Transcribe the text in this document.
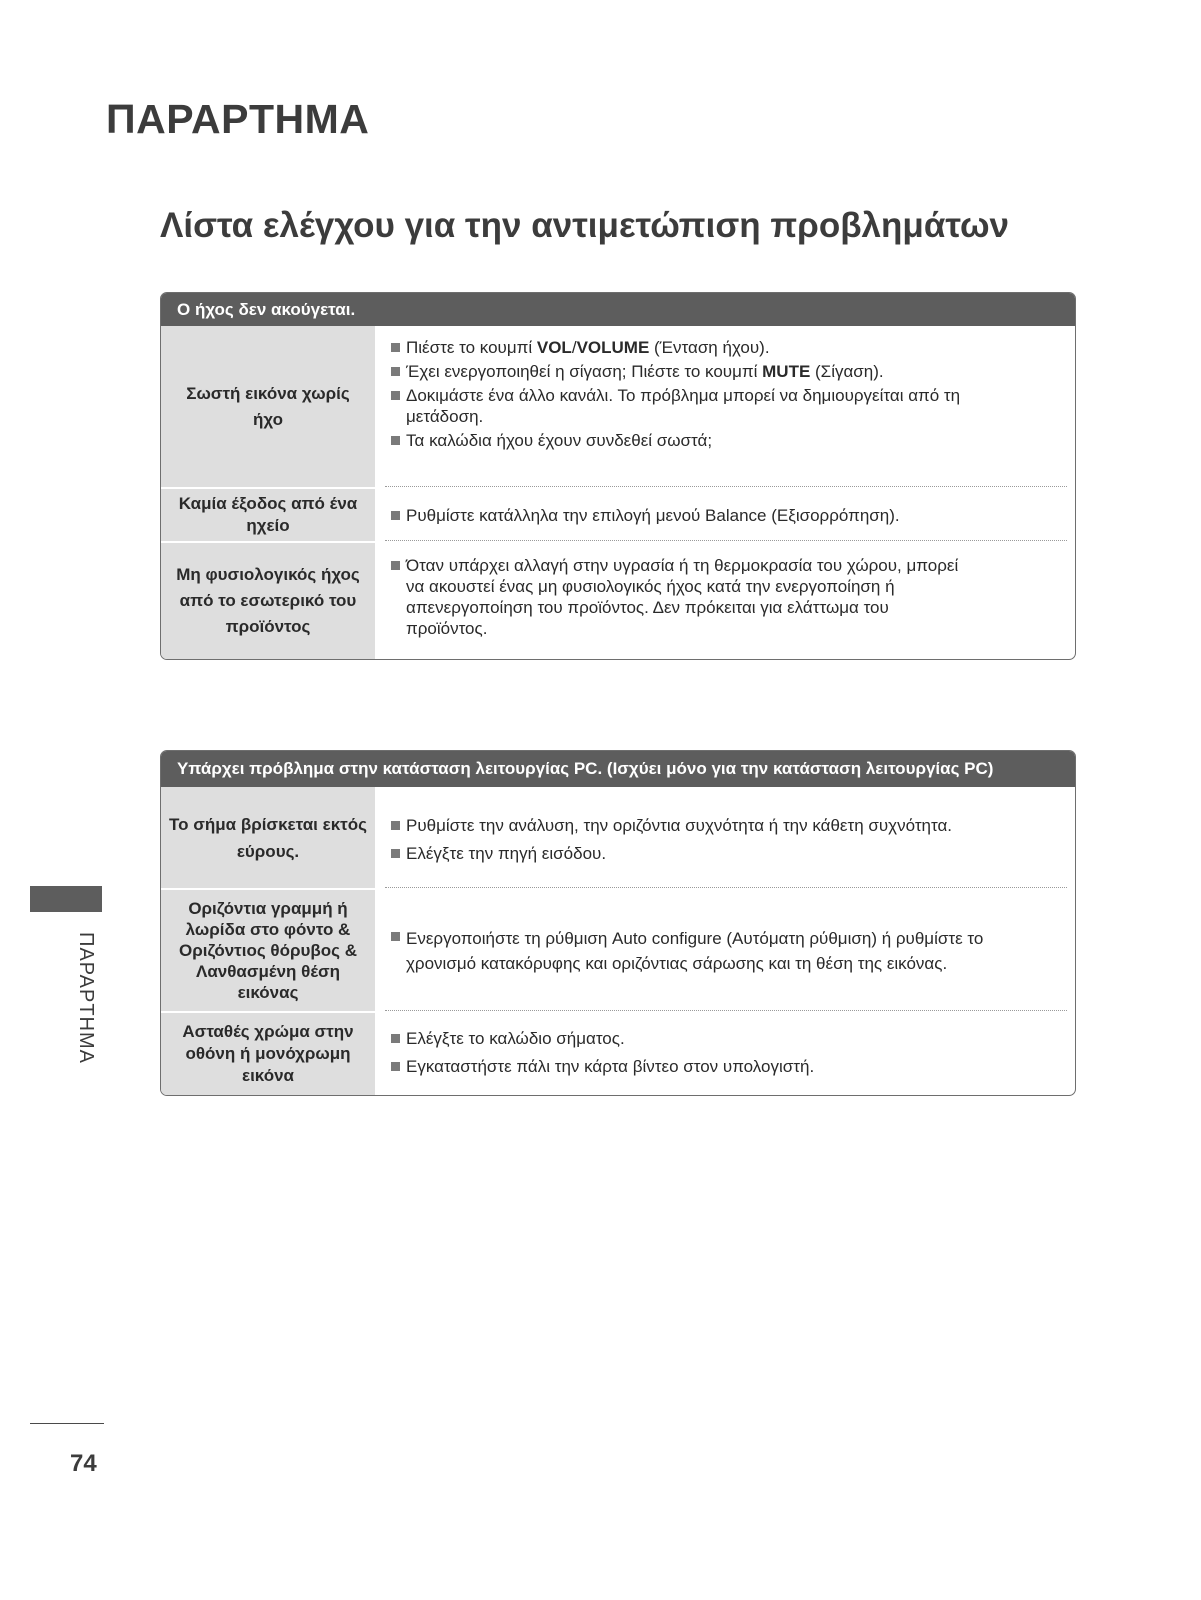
ΠΑΡΑΡΤΗΜΑ
Λίστα ελέγχου για την αντιμετώπιση προβλημάτων
Ο ήχος δεν ακούγεται.
Σωστή εικόνα χωρίς
ήχο
Πιέστε το κουμπί VOL/VOLUME (Ένταση ήχου).
Έχει ενεργοποιηθεί η σίγαση; Πιέστε το κουμπί MUTE (Σίγαση).
Δοκιμάστε ένα άλλο κανάλι. Το πρόβλημα μπορεί να δημιουργείται από τη
μετάδοση.
Τα καλώδια ήχου έχουν συνδεθεί σωστά;
Καμία έξοδος από ένα
ηχείο
Ρυθμίστε κατάλληλα την επιλογή μενού Balance (Εξισορρόπηση).
Μη φυσιολογικός ήχος
από το εσωτερικό του
προϊόντος
Όταν υπάρχει αλλαγή στην υγρασία ή τη θερμοκρασία του χώρου, μπορεί
να ακουστεί ένας μη φυσιολογικός ήχος κατά την ενεργοποίηση ή
απενεργοποίηση του προϊόντος. Δεν πρόκειται για ελάττωμα του
προϊόντος.
Υπάρχει πρόβλημα στην κατάσταση λειτουργίας PC. (Ισχύει μόνο για την κατάσταση λειτουργίας PC)
Το σήμα βρίσκεται εκτός
εύρους.
Ρυθμίστε την ανάλυση, την οριζόντια συχνότητα ή την κάθετη συχνότητα.
Ελέγξτε την πηγή εισόδου.
Οριζόντια γραμμή ή
λωρίδα στο φόντο &
Οριζόντιος θόρυβος &
Λανθασμένη θέση
εικόνας
Ενεργοποιήστε τη ρύθμιση Auto configure (Αυτόματη ρύθμιση) ή ρυθμίστε το
χρονισμό κατακόρυφης και οριζόντιας σάρωσης και τη θέση της εικόνας.
Ασταθές χρώμα στην
οθόνη ή μονόχρωμη
εικόνα
Ελέγξτε το καλώδιο σήματος.
Εγκαταστήστε πάλι την κάρτα βίντεο στον υπολογιστή.
ΠΑΡΑΡΤΗΜΑ
74
